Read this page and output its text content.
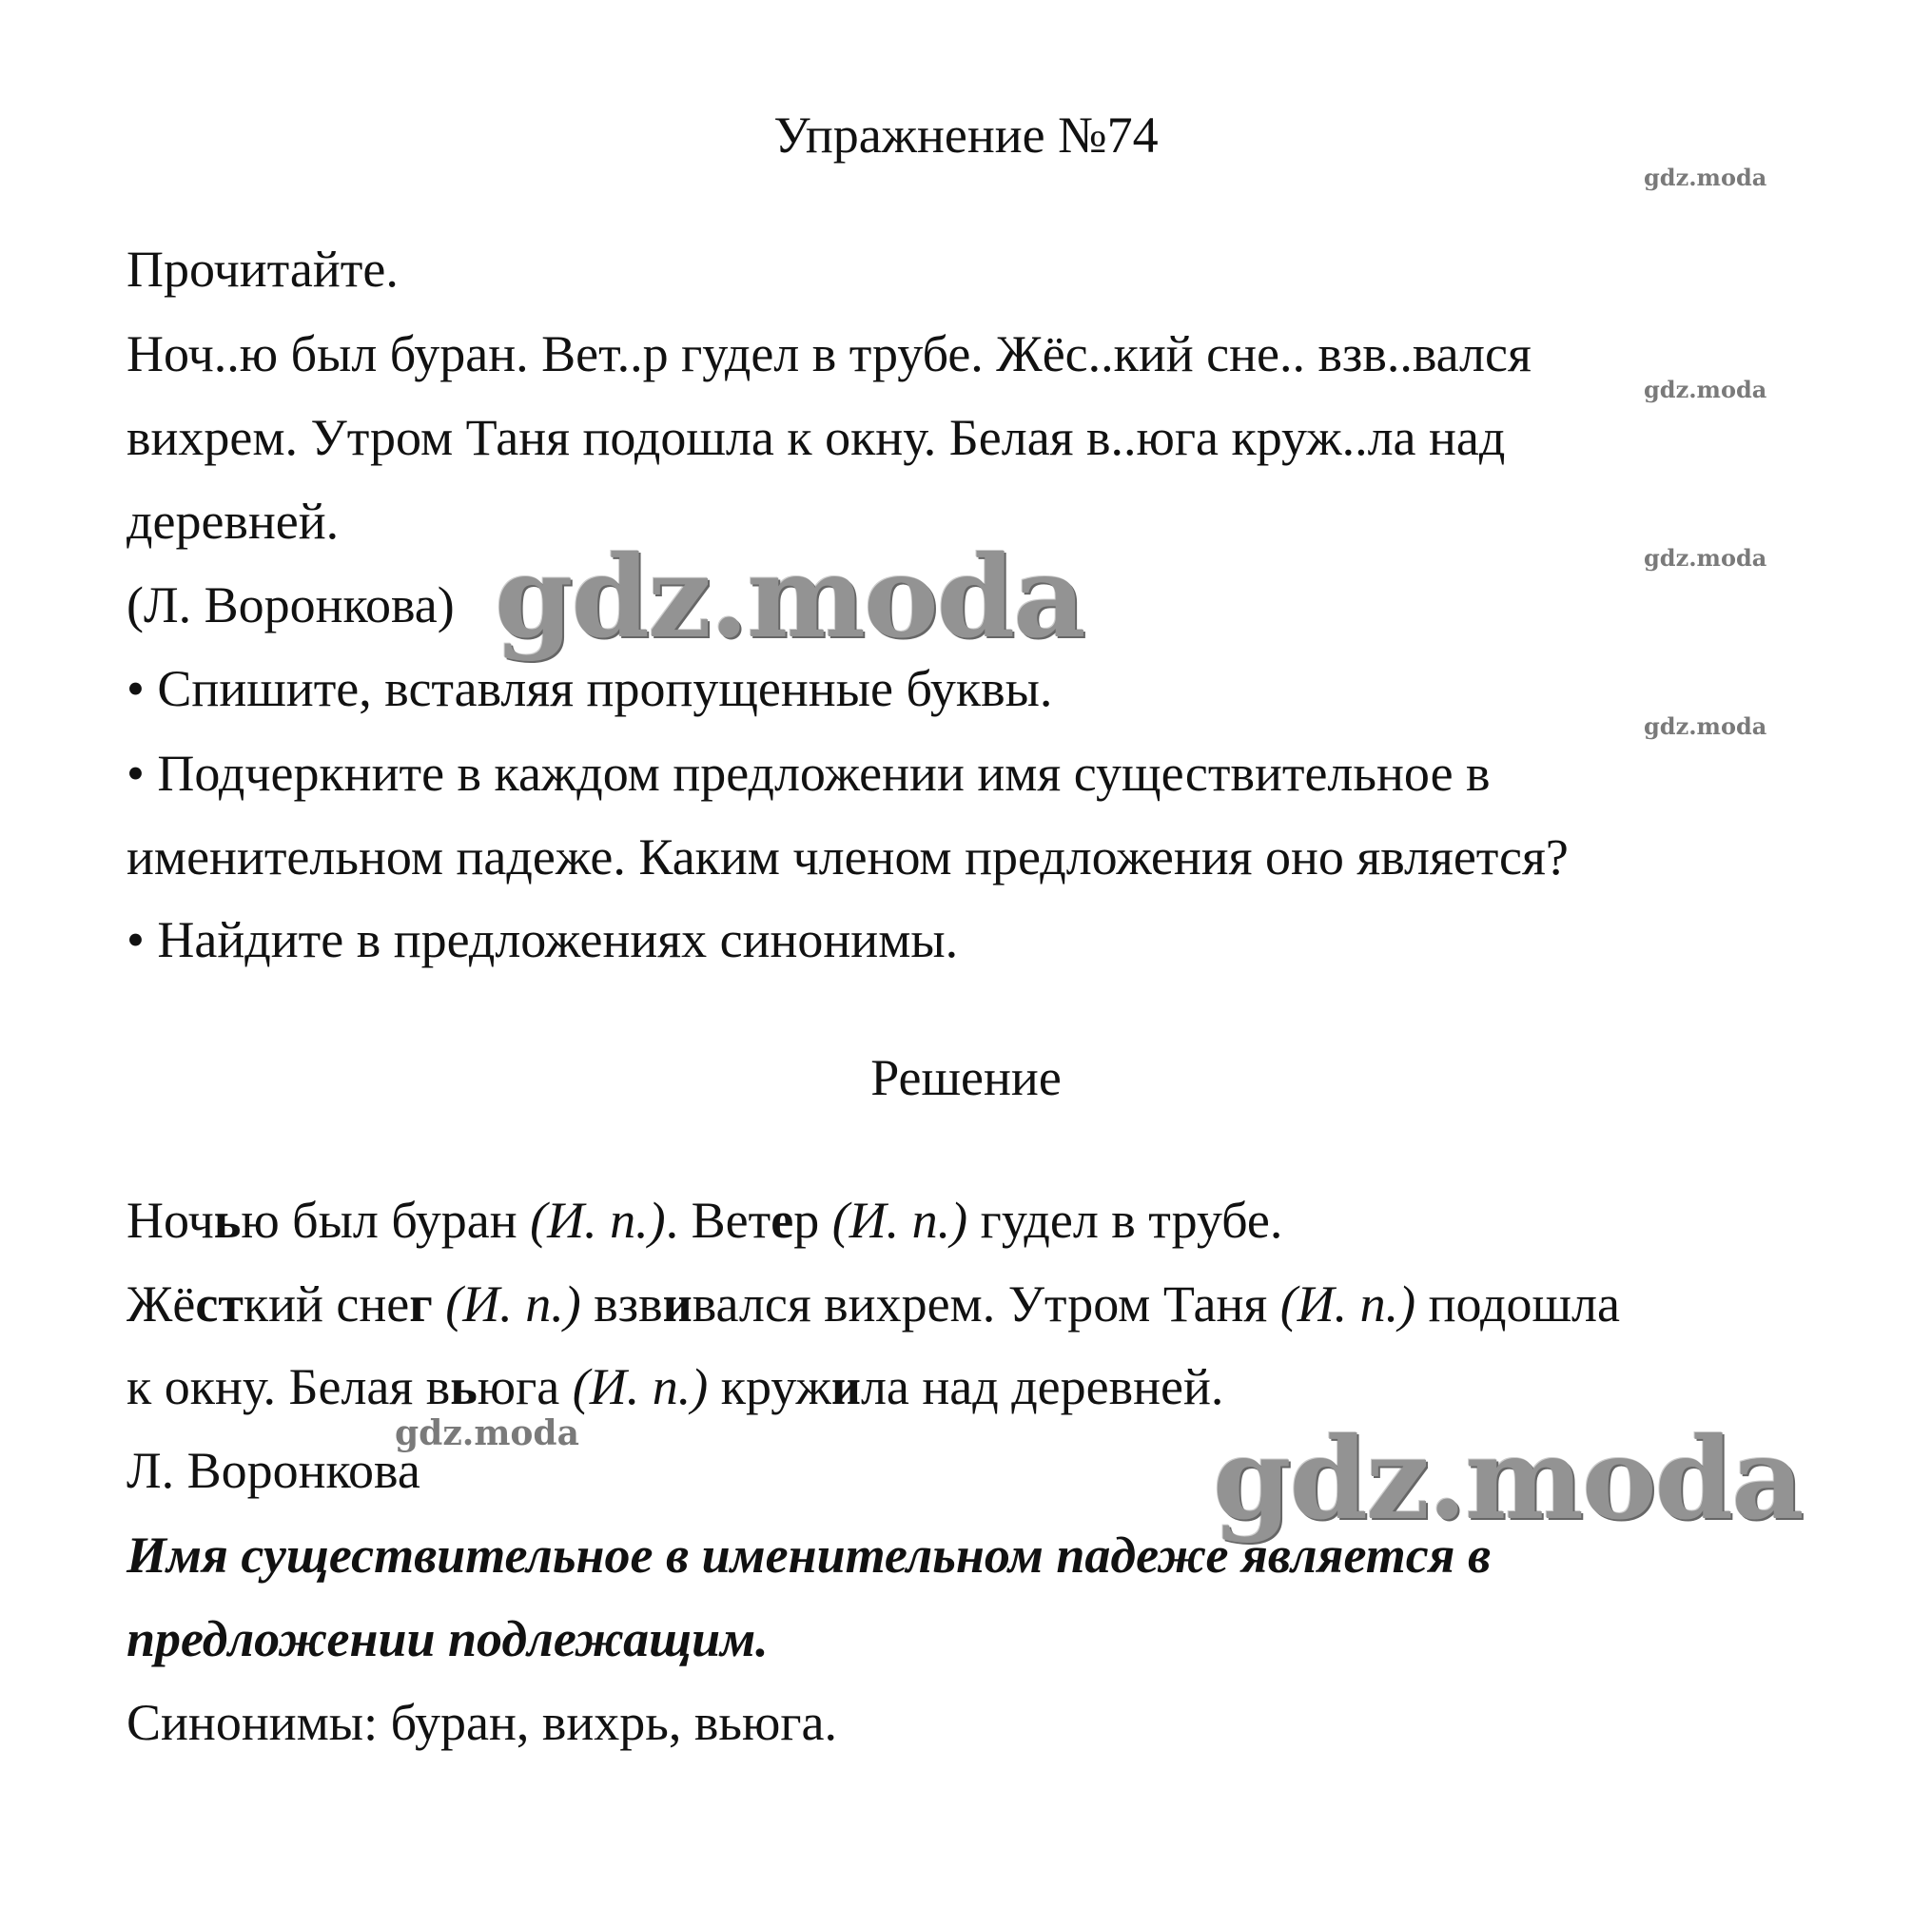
Упражнение №74
Прочитайте.
Ноч..ю был буран. Вет..р гудел в трубе. Жёс..кий сне.. взв..вался
вихрем. Утром Таня подошла к окну. Белая в..юга круж..ла над
деревней.
(Л. Воронкова)
• Спишите, вставляя пропущенные буквы.
• Подчеркните в каждом предложении имя существительное в
именительном падеже. Каким членом предложения оно является?
• Найдите в предложениях синонимы.
Решение
Ночью был буран (И. п.). Ветер (И. п.) гудел в трубе.
Жёсткий снег (И. п.) взвивался вихрем. Утром Таня (И. п.) подошла
к окну. Белая вьюга (И. п.) кружила над деревней.
Л. Воронкова
Имя существительное в именительном падеже является в
предложении подлежащим.
Синонимы: буран, вихрь, вьюга.
gdz.moda
gdz.moda
gdz.moda
gdz.moda
gdz.moda
gdz.moda
gdz.moda
